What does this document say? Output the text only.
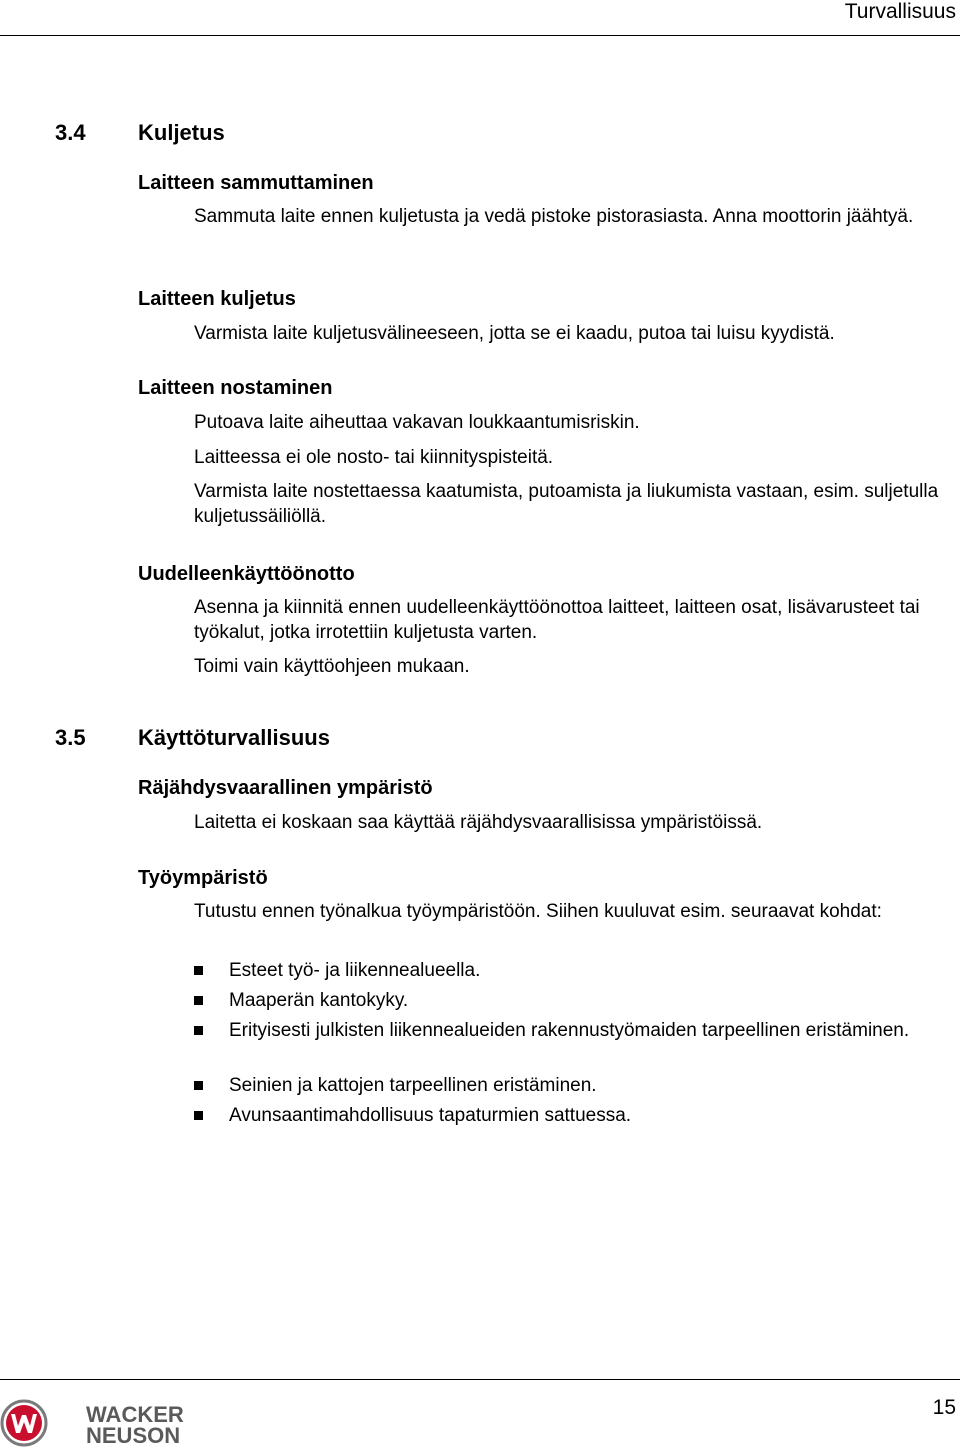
Turvallisuus
3.4 Kuljetus
Laitteen sammuttaminen
Sammuta laite ennen kuljetusta ja vedä pistoke pistorasiasta. Anna moottorin jäähtyä.
Laitteen kuljetus
Varmista laite kuljetusvälineeseen, jotta se ei kaadu, putoa tai luisu kyydistä.
Laitteen nostaminen
Putoava laite aiheuttaa vakavan loukkaantumisriskin.
Laitteessa ei ole nosto- tai kiinnityspisteitä.
Varmista laite nostettaessa kaatumista, putoamista ja liukumista vastaan, esim. suljetulla kuljetussäiliöllä.
Uudelleenkäyttöönotto
Asenna ja kiinnitä ennen uudelleenkäyttöönottoa laitteet, laitteen osat, lisävarusteet tai työkalut, jotka irrotettiin kuljetusta varten.
Toimi vain käyttöohjeen mukaan.
3.5 Käyttöturvallisuus
Räjähdysvaarallinen ympäristö
Laitetta ei koskaan saa käyttää räjähdysvaarallisissa ympäristöissä.
Työympäristö
Tutustu ennen työnalkua työympäristöön. Siihen kuuluvat esim. seuraavat kohdat:
Esteet työ- ja liikennealueella.
Maaperän kantokyky.
Erityisesti julkisten liikennealueiden rakennustyömaiden tarpeellinen eristäminen.
Seinien ja kattojen tarpeellinen eristäminen.
Avunsaantimahdollisuus tapaturmien sattuessa.
15
WACKER
NEUSON
